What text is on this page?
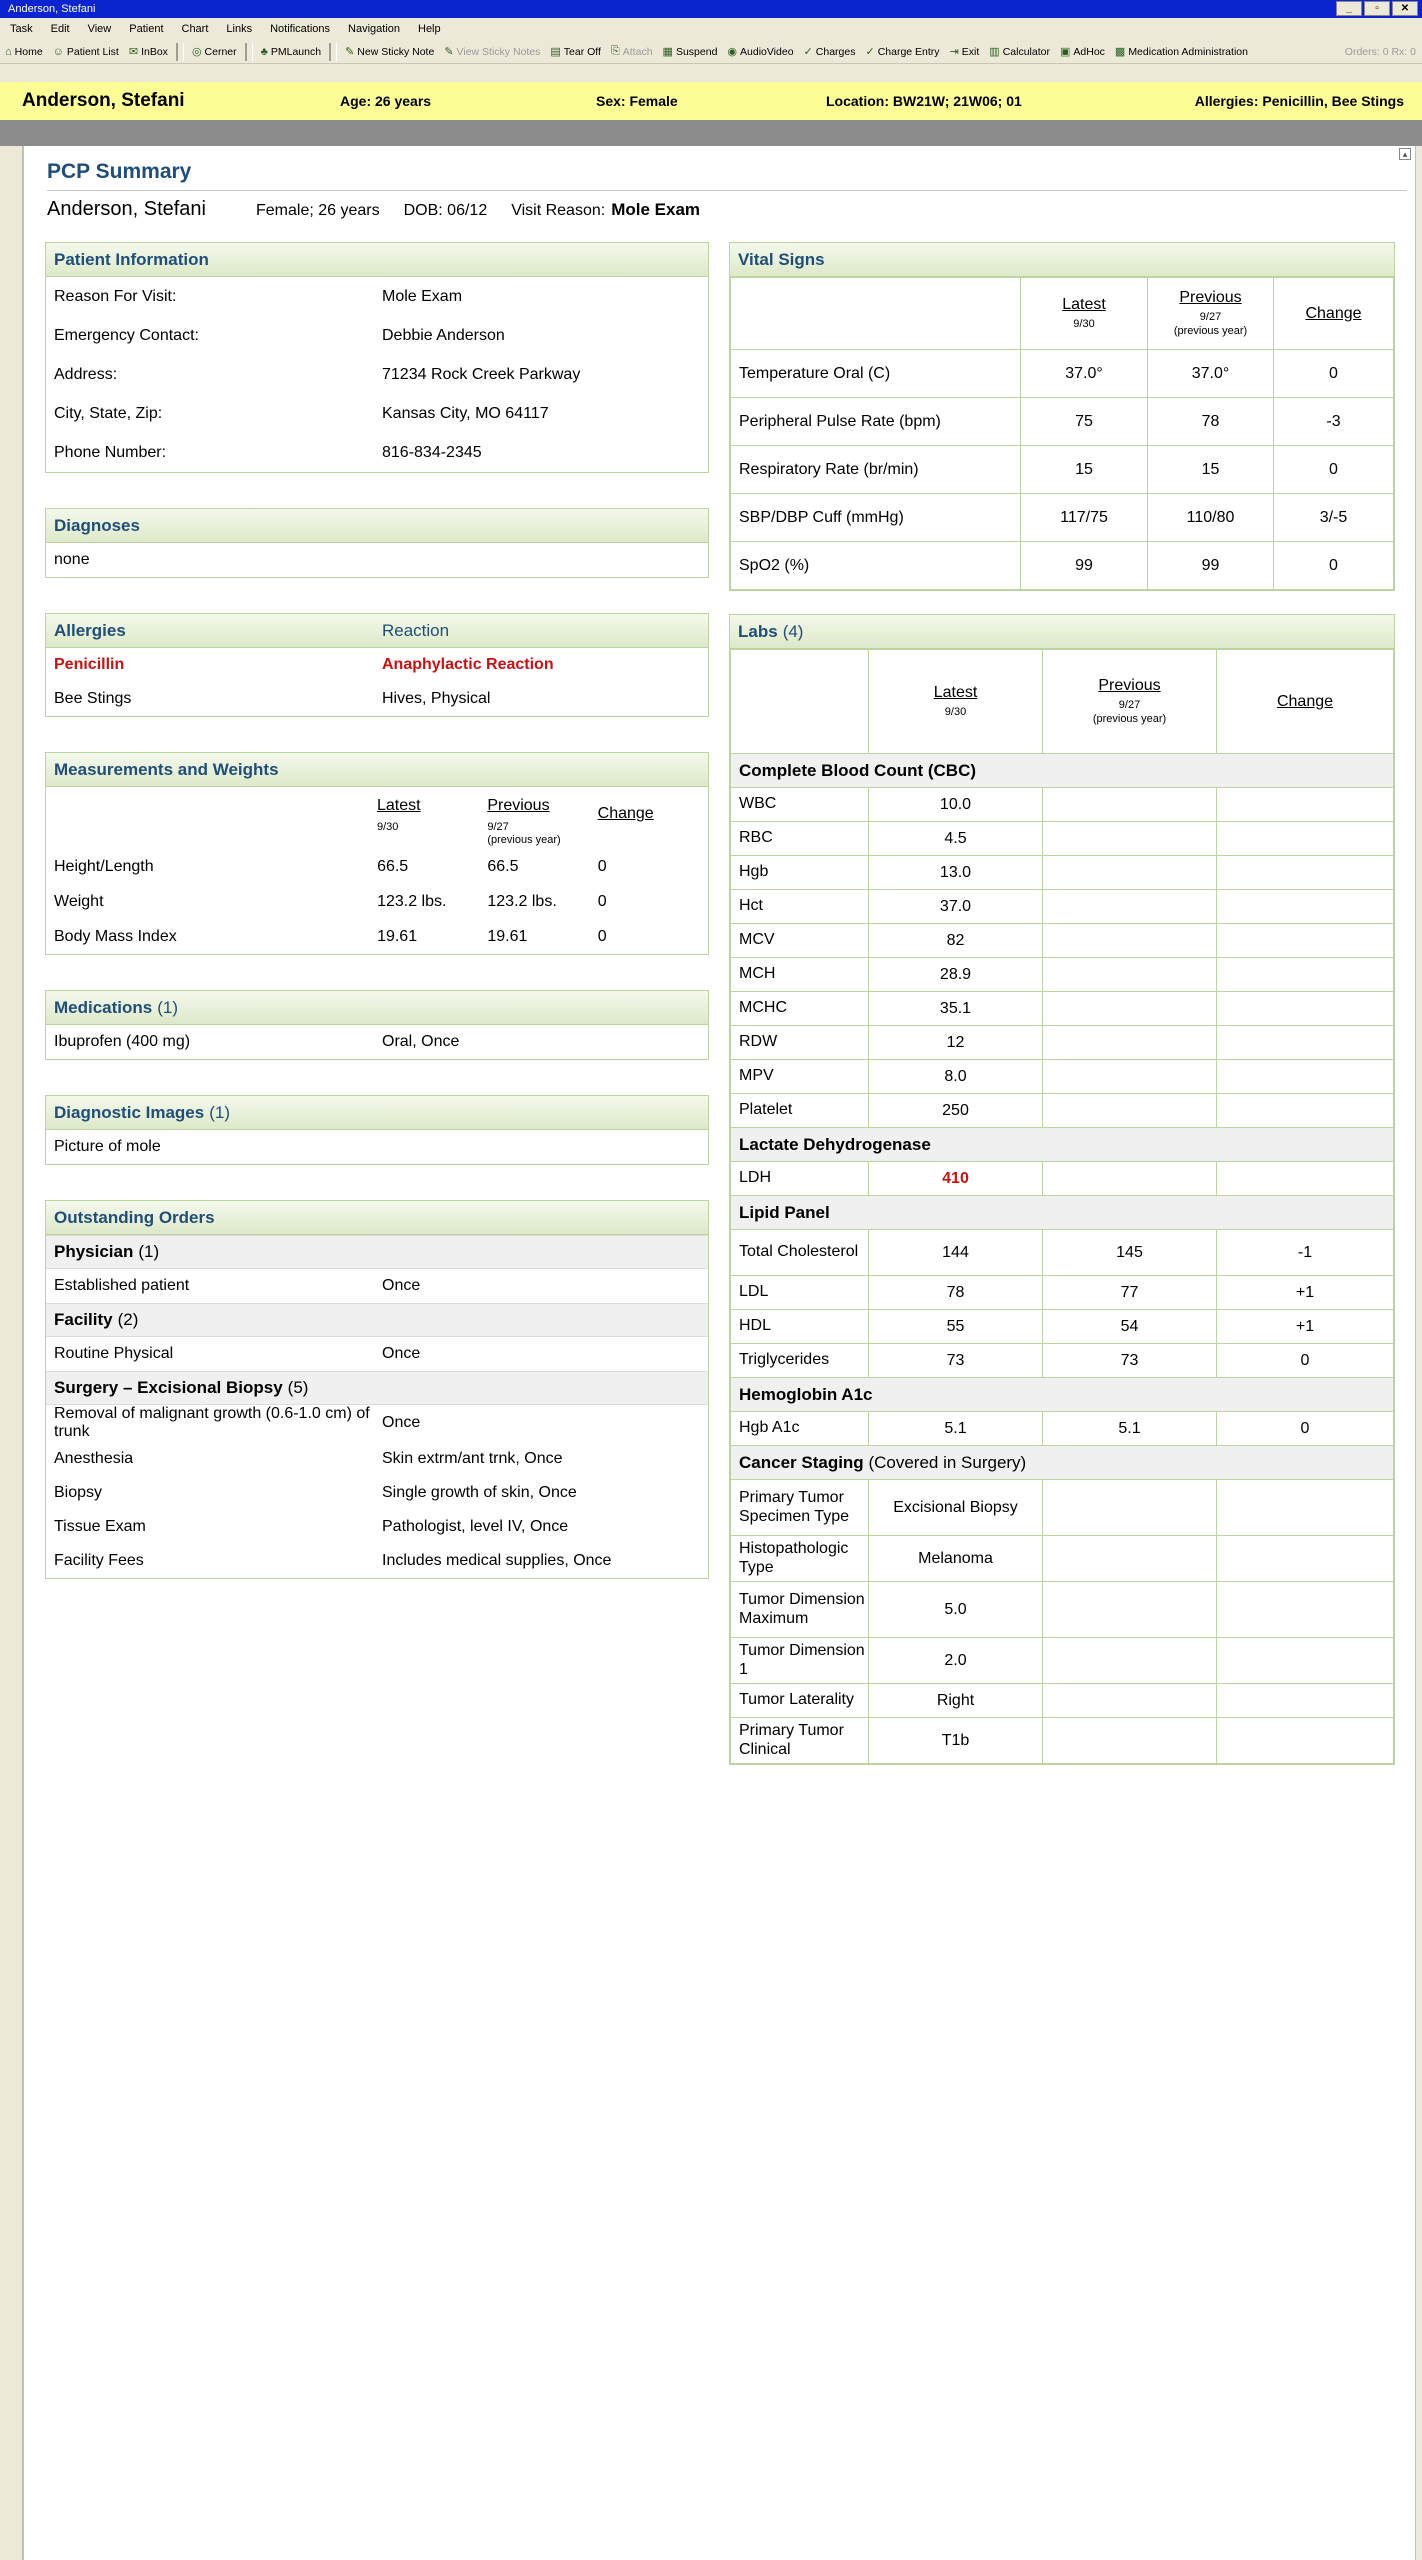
Anderson, Stefani	_	▫	✕
Task	Edit	View	Patient	Chart	Links	Notifications	Navigation	Help
⌂ Home ☺ Patient List ✉ InBox ◎ Cerner ♣ PMLaunch ✎ New Sticky Note ✎ View Sticky Notes ▤ Tear Off ⎘ Attach ▦ Suspend ◉ AudioVideo ✓ Charges ✓ Charge Entry ⇥ Exit ▥ Calculator ▣ AdHoc ▩ Medication Administration	Orders: 0 Rx: 0
Anderson, Stefani	Age: 26 years	Sex: Female	Location: BW21W; 21W06; 01	Allergies: Penicillin, Bee Stings
▴
PCP Summary
Anderson, Stefani	Female; 26 years DOB: 06/12 Visit Reason: Mole Exam
Patient Information
Reason For Visit:	Mole Exam
Emergency Contact:	Debbie Anderson
Address:	71234 Rock Creek Parkway
City, State, Zip:	Kansas City, MO 64117
Phone Number:	816-834-2345
Diagnoses
none
Allergies	Reaction
Penicillin	Anaphylactic Reaction
Bee Stings	Hives, Physical
Measurements and Weights
Latest
9/30
Previous
9/27
(previous year)
Change
Height/Length	66.5	66.5	0
Weight	123.2 lbs.	123.2 lbs.	0
Body Mass Index	19.61	19.61	0
Medications (1)
Ibuprofen (400 mg)	Oral, Once
Diagnostic Images (1)
Picture of mole
Outstanding Orders
Physician (1)
Established patient	Once
Facility (2)
Routine Physical	Once
Surgery – Excisional Biopsy (5)
Removal of malignant growth (0.6-1.0 cm) of trunk
Once
Anesthesia	Skin extrm/ant trnk, Once
Biopsy	Single growth of skin, Once
Tissue Exam	Pathologist, level IV, Once
Facility Fees	Includes medical supplies, Once
Vital Signs

	Latest
9/30	Previous
9/27
(previous year)	Change

Temperature Oral (C)	37.0°	37.0°	0
Peripheral Pulse Rate (bpm)	75	78	-3
Respiratory Rate (br/min)	15	15	0
SBP/DBP Cuff (mmHg)	117/75	110/80	3/-5
SpO2 (%)	99	99	0
Labs (4)

	Latest
9/30	Previous
9/27
(previous year)	Change

Complete Blood Count (CBC)			
WBC	10.0		
RBC	4.5		
Hgb	13.0		
Hct	37.0		
MCV	82		
MCH	28.9		
MCHC	35.1		
RDW	12		
MPV	8.0		
Platelet	250		
Lactate Dehydrogenase			
LDH	410		
Lipid Panel			
Total Cholesterol	144	145	-1
LDL	78	77	+1
HDL	55	54	+1
Triglycerides	73	73	0
Hemoglobin A1c			
Hgb A1c	5.1	5.1	0
Cancer Staging (Covered in Surgery)			
Primary Tumor Specimen Type	Excisional Biopsy		
Histopathologic Type	Melanoma		
Tumor Dimension Maximum	5.0		
Tumor Dimension 1	2.0		
Tumor Laterality	Right		
Primary Tumor Clinical	T1b		
